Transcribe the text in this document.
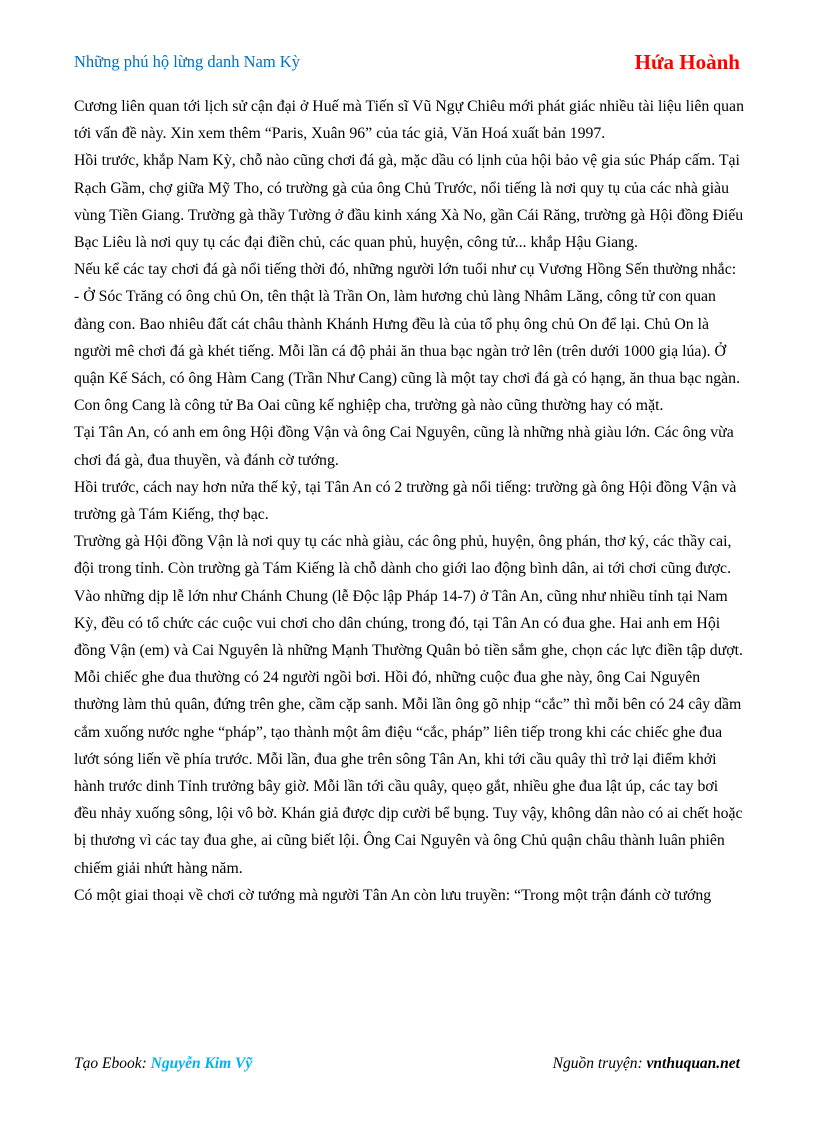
Những phú hộ lừng danh Nam Kỳ	Hứa Hoành

Cương liên quan tới lịch sử cận đại ở Huế mà Tiến sĩ Vũ Ngự Chiêu mới phát giác nhiều tài liệu liên quan tới vấn đề này. Xin xem thêm “Paris, Xuân 96” của tác giả, Văn Hoá xuất bản 1997.

Hồi trước, khắp Nam Kỳ, chỗ nào cũng chơi đá gà, mặc dầu có lịnh của hội bảo vệ gia súc Pháp cấm. Tại Rạch Gầm, chợ giữa Mỹ Tho, có trường gà của ông Chủ Trước, nổi tiếng là nơi quy tụ của các nhà giàu vùng Tiền Giang. Trường gà thầy Tường ở đầu kinh xáng Xà No, gần Cái Răng, trường gà Hội đồng Điếu Bạc Liêu là nơi quy tụ các đại điền chủ, các quan phủ, huyện, công tử... khắp Hậu Giang.

Nếu kể các tay chơi đá gà nổi tiếng thời đó, những người lớn tuổi như cụ Vương Hồng Sến thường nhắc:

- Ở Sóc Trăng có ông chủ On, tên thật là Trần On, làm hương chủ làng Nhâm Lăng, công tử con quan đàng con. Bao nhiêu đất cát châu thành Khánh Hưng đều là của tổ phụ ông chủ On để lại. Chủ On là người mê chơi đá gà khét tiếng. Mỗi lần cá độ phải ăn thua bạc ngàn trở lên (trên dưới 1000 giạ lúa). Ở quận Kế Sách, có ông Hàm Cang (Trần Như Cang) cũng là một tay chơi đá gà có hạng, ăn thua bạc ngàn. Con ông Cang là công tử Ba Oai cũng kế nghiệp cha, trường gà nào cũng thường hay có mặt.

Tại Tân An, có anh em ông Hội đồng Vận và ông Cai Nguyên, cũng là những nhà giàu lớn. Các ông vừa chơi đá gà, đua thuyền, và đánh cờ tướng.

Hồi trước, cách nay hơn nửa thế kỷ, tại Tân An có 2 trường gà nổi tiếng: trường gà ông Hội đồng Vận và trường gà Tám Kiếng, thợ bạc.

Trường gà Hội đồng Vận là nơi quy tụ các nhà giàu, các ông phủ, huyện, ông phán, thơ ký, các thầy cai, đội trong tỉnh. Còn trường gà Tám Kiếng là chỗ dành cho giới lao động bình dân, ai tới chơi cũng được. Vào những dịp lễ lớn như Chánh Chung (lễ Độc lập Pháp 14-7) ở Tân An, cũng như nhiều tỉnh tại Nam Kỳ, đều có tổ chức các cuộc vui chơi cho dân chúng, trong đó, tại Tân An có đua ghe. Hai anh em Hội đồng Vận (em) và Cai Nguyên là những Mạnh Thường Quân bỏ tiền sắm ghe, chọn các lực điền tập dượt.

Mỗi chiếc ghe đua thường có 24 người ngồi bơi. Hồi đó, những cuộc đua ghe này, ông Cai Nguyên thường làm thủ quân, đứng trên ghe, cầm cặp sanh. Mỗi lần ông gõ nhịp “cắc” thì mỗi bên có 24 cây dầm cắm xuống nước nghe “pháp”, tạo thành một âm điệu “cắc, pháp” liên tiếp trong khi các chiếc ghe đua lướt sóng liến về phía trước. Mỗi lần, đua ghe trên sông Tân An, khi tới cầu quây thì trở lại điểm khởi hành trước dinh Tỉnh trưởng bây giờ. Mỗi lần tới cầu quây, quẹo gắt, nhiều ghe đua lật úp, các tay bơi đều nhảy xuống sông, lội vô bờ. Khán giả được dịp cười bể bụng. Tuy vậy, không dân nào có ai chết hoặc bị thương vì các tay đua ghe, ai cũng biết lội. Ông Cai Nguyên và ông Chủ quận châu thành luân phiên chiếm giải nhứt hàng năm.

Có một giai thoại về chơi cờ tướng mà người Tân An còn lưu truyền: “Trong một trận đánh cờ tướng

Tạo Ebook: Nguyễn Kim Vỹ	Nguồn truyện: vnthuquan.net
